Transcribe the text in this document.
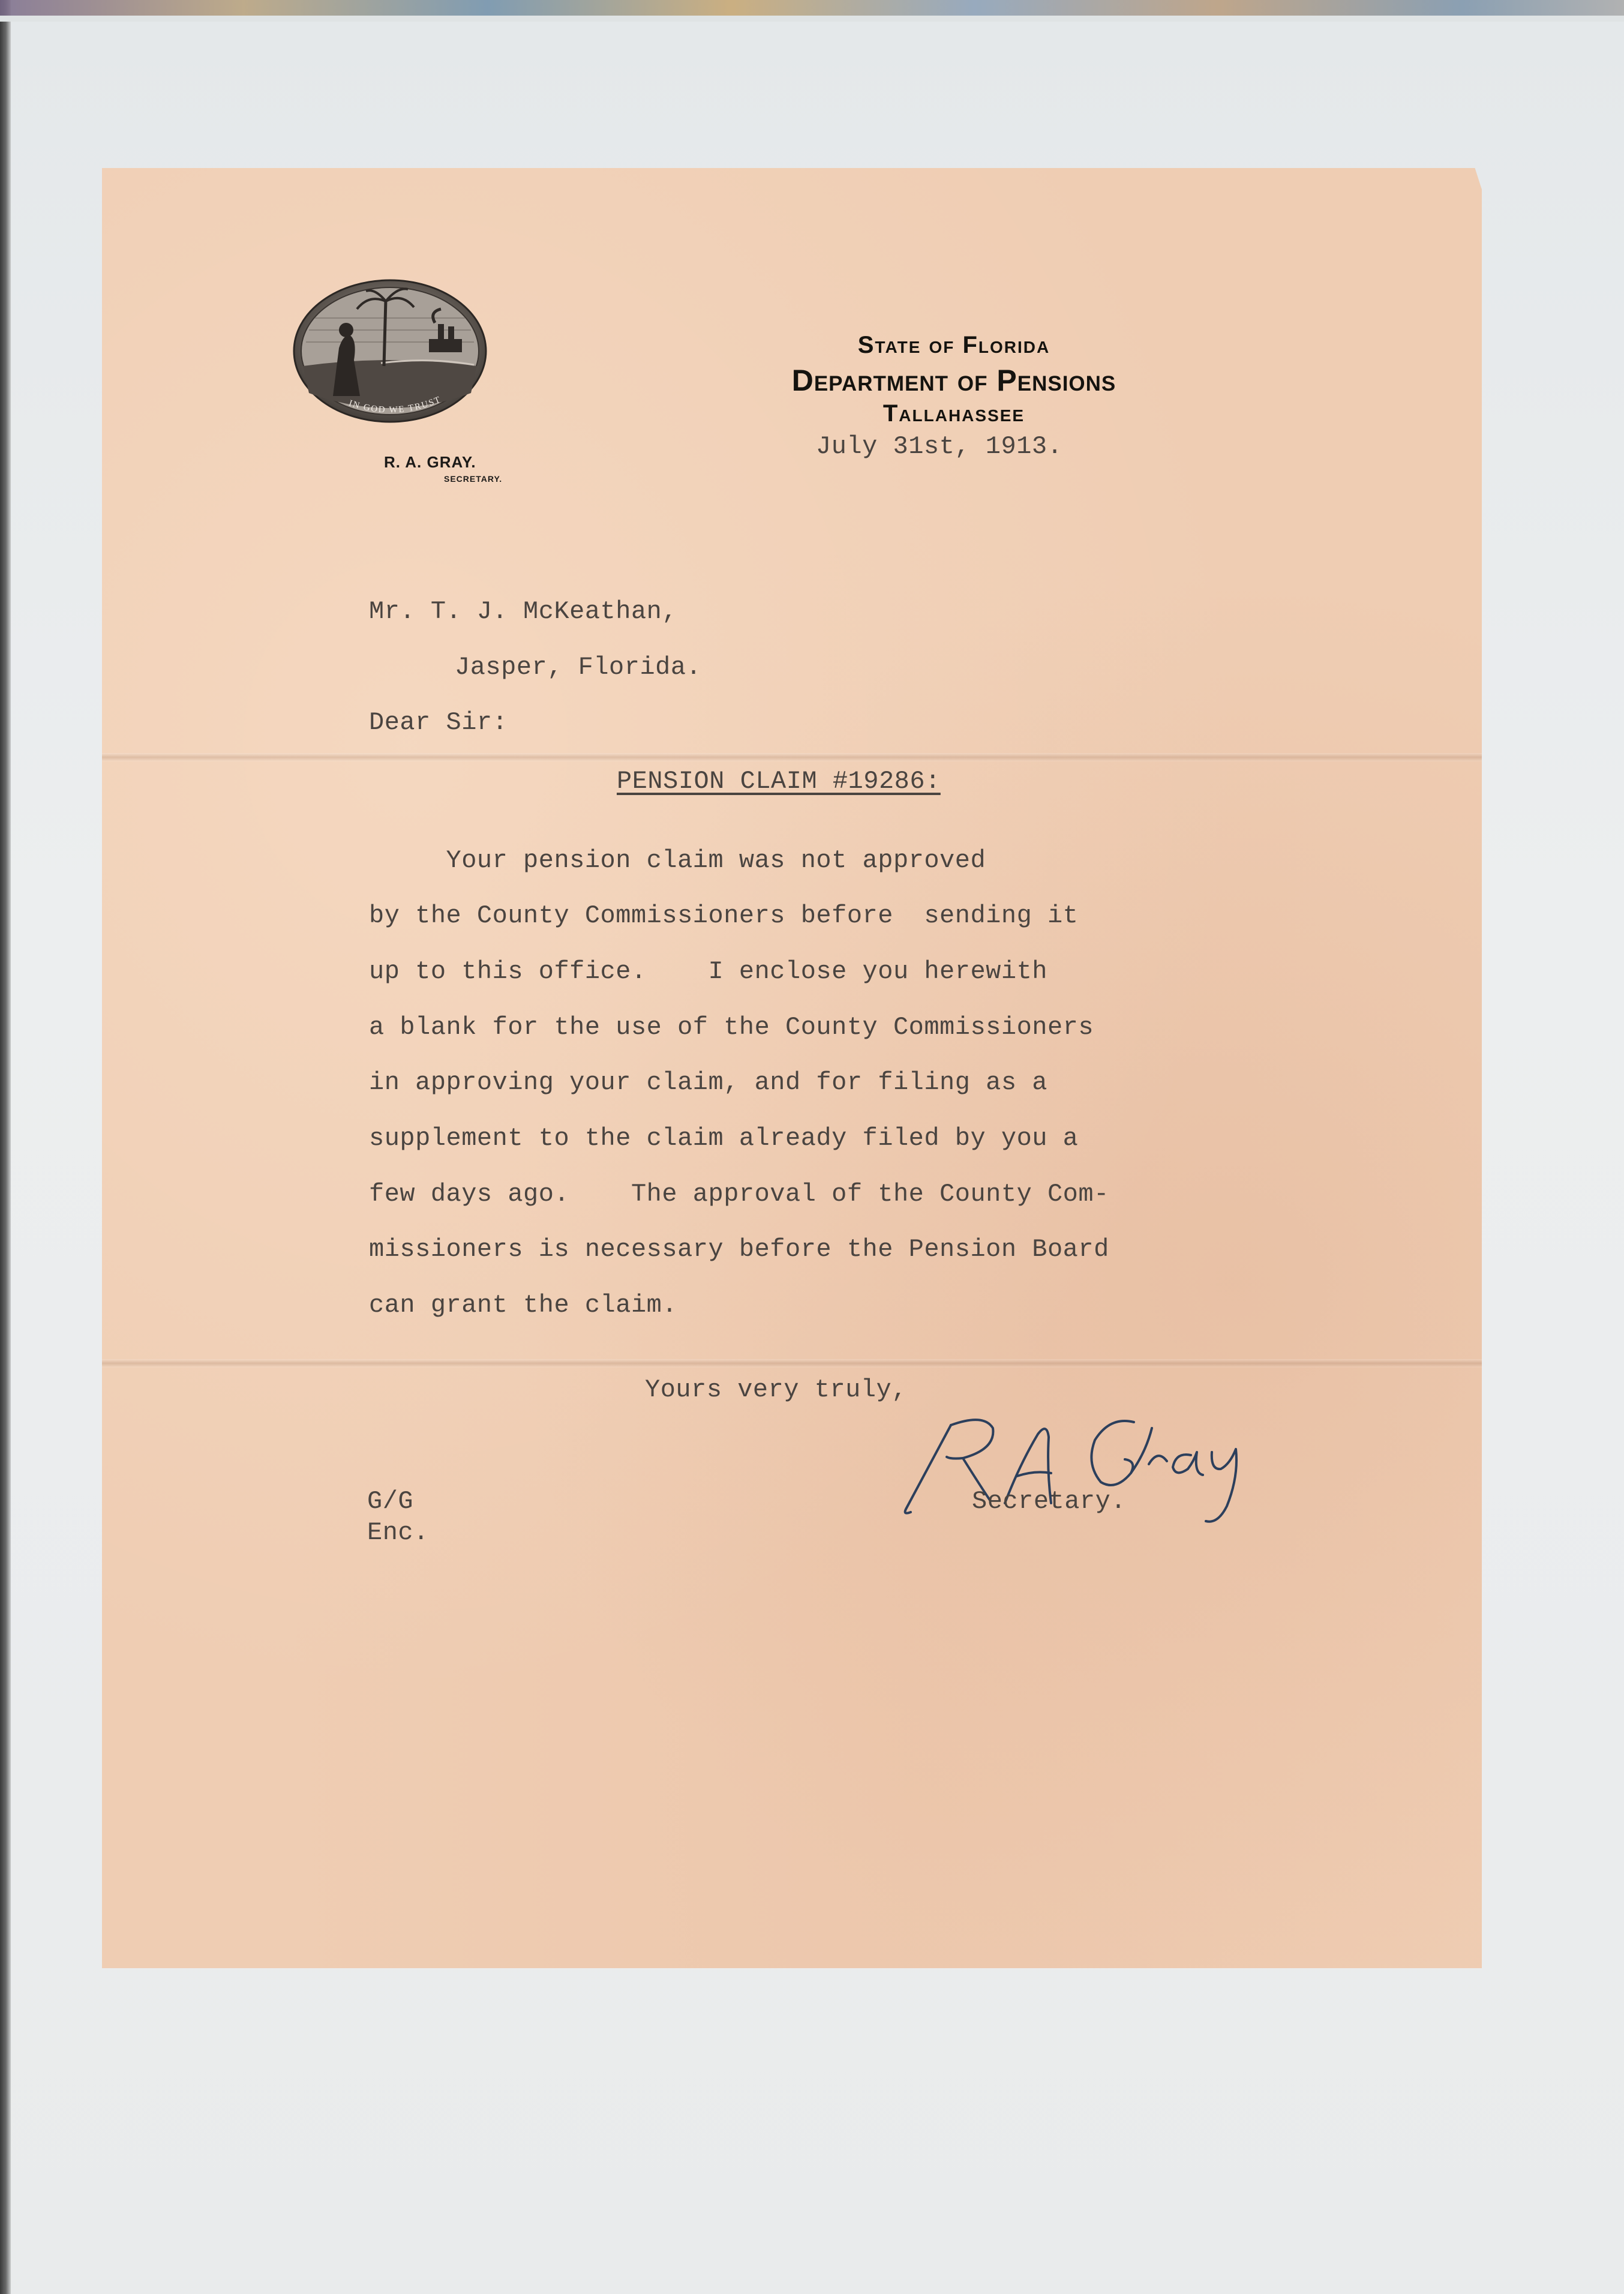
IN GOD WE TRUST
R. A. GRAY.
SECRETARY.
State of Florida
Department of Pensions
Tallahassee
July 31st, 1913.
Mr. T. J. McKeathan,
Jasper, Florida.
Dear Sir:
PENSION CLAIM #19286:
Your pension claim was not approved
by the County Commissioners before  sending it
up to this office.    I enclose you herewith
a blank for the use of the County Commissioners
in approving your claim, and for filing as a
supplement to the claim already filed by you a
few days ago.    The approval of the County Com-
missioners is necessary before the Pension Board
can grant the claim.
Yours very truly,
Secretary.
G/G
Enc.
